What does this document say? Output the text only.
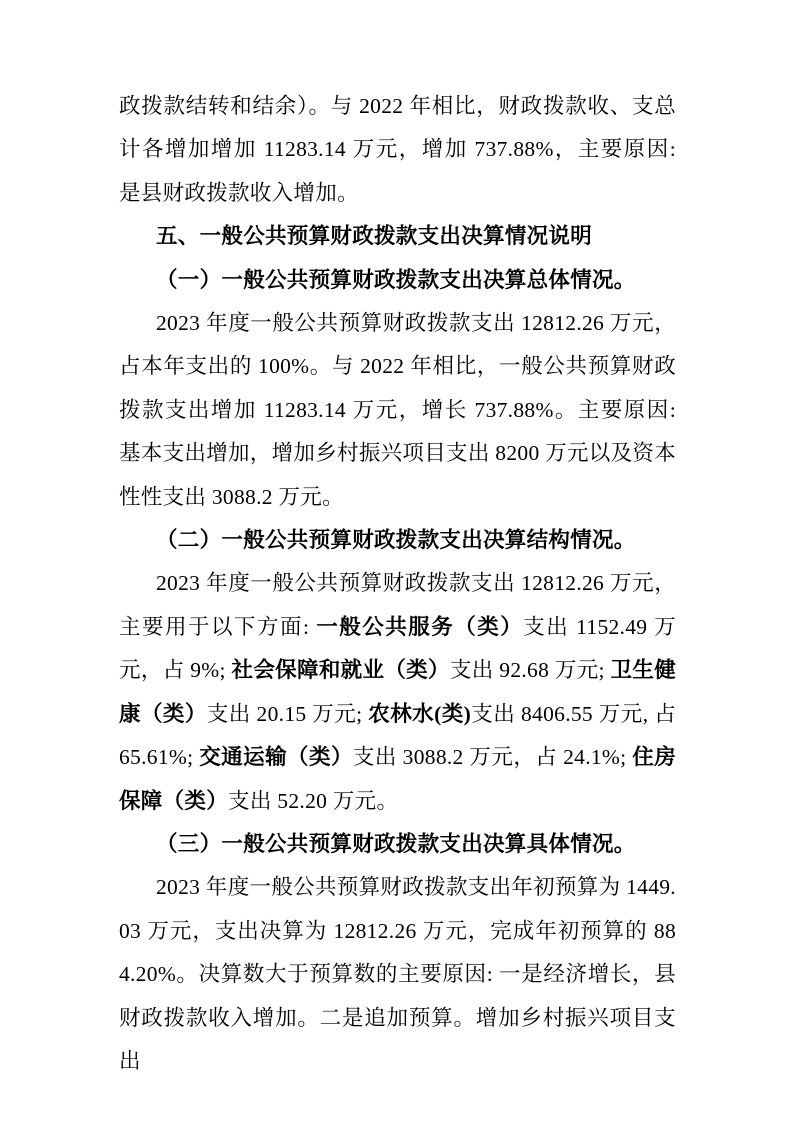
政拨款结转和结余）。与 2022 年相比，财政拨款收、支总计各增加增加 11283.14 万元，增加 737.88%，主要原因: 是县财政拨款收入增加。

五、一般公共预算财政拨款支出决算情况说明

（一）一般公共预算财政拨款支出决算总体情况。

2023 年度一般公共预算财政拨款支出 12812.26 万元，占本年支出的 100%。与 2022 年相比，一般公共预算财政拨款支出增加 11283.14 万元，增长 737.88%。主要原因: 基本支出增加，增加乡村振兴项目支出 8200 万元以及资本性性支出 3088.2 万元。

（二）一般公共预算财政拨款支出决算结构情况。

2023 年度一般公共预算财政拨款支出 12812.26 万元，主要用于以下方面: 一般公共服务（类）支出 1152.49 万元，占 9%; 社会保障和就业（类）支出 92.68 万元; 卫生健康（类）支出 20.15 万元; 农林水(类)支出 8406.55 万元, 占 65.61%; 交通运输（类）支出 3088.2 万元，占 24.1%; 住房保障（类）支出 52.20 万元。

（三）一般公共预算财政拨款支出决算具体情况。

2023 年度一般公共预算财政拨款支出年初预算为 1449.03 万元，支出决算为 12812.26 万元，完成年初预算的 884.20%。决算数大于预算数的主要原因: 一是经济增长，县财政拨款收入增加。二是追加预算。增加乡村振兴项目支出
